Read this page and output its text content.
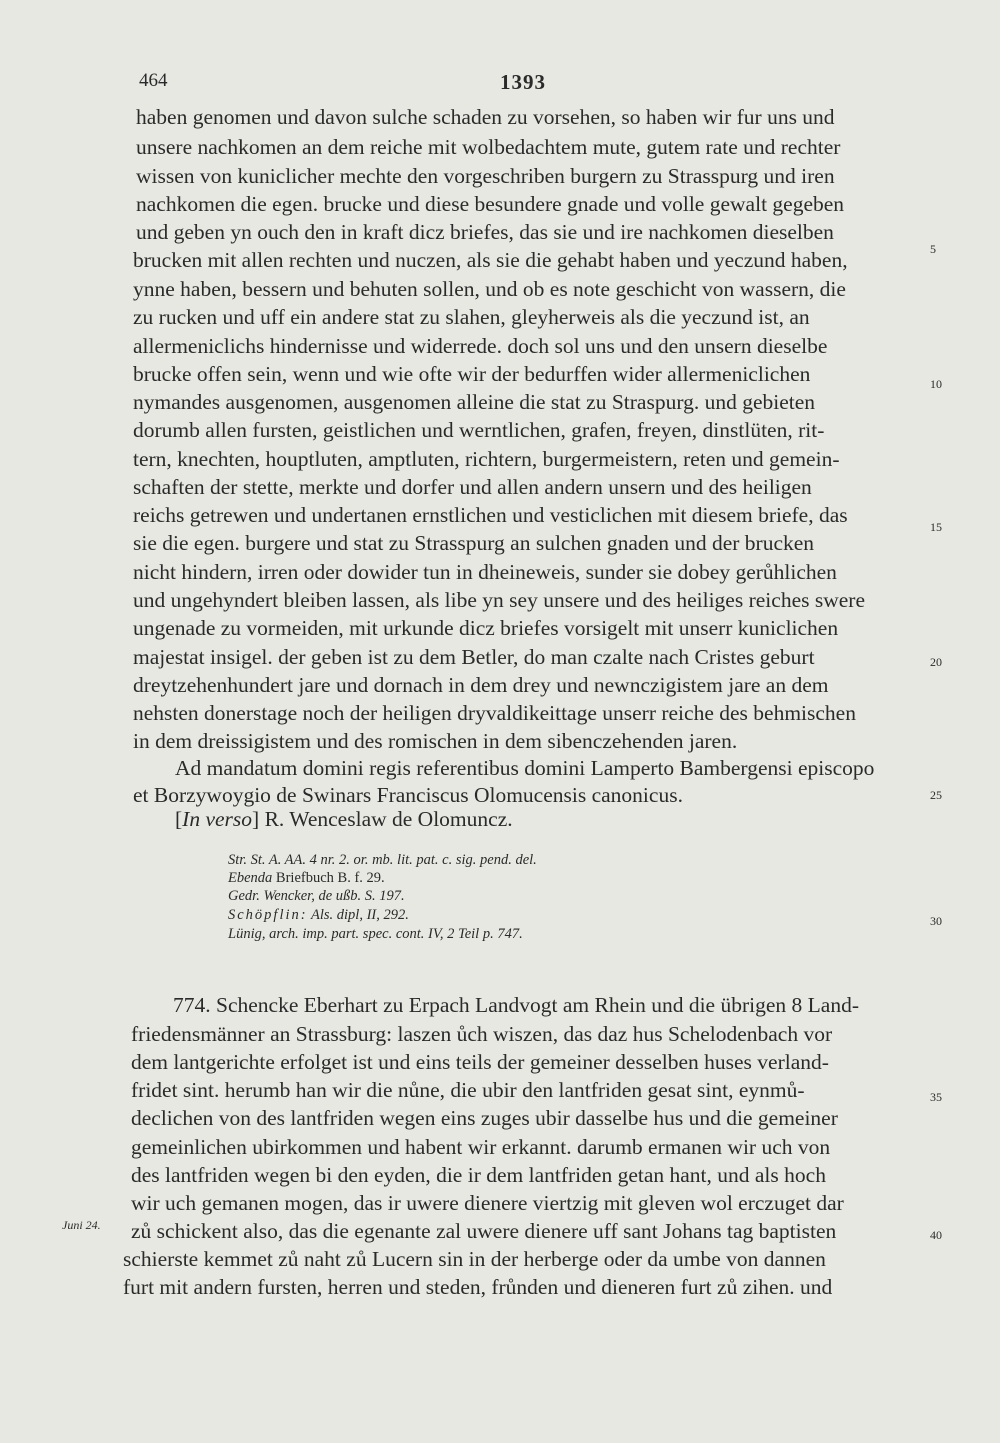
464	1393
haben genomen und davon sulche schaden zu vorsehen, so haben wir fur uns und
unsere nachkomen an dem reiche mit wolbedachtem mute, gutem rate und rechter
wissen von kuniclicher mechte den vorgeschriben burgern zu Strasspurg und iren
nachkomen die egen. brucke und diese besundere gnade und volle gewalt gegeben
und geben yn ouch den in kraft dicz briefes, das sie und ire nachkomen dieselben
brucken mit allen rechten und nuczen, als sie die gehabt haben und yeczund haben,
ynne haben, bessern und behuten sollen, und ob es note geschicht von wassern, die
zu rucken und uff ein andere stat zu slahen, gleyherweis als die yeczund ist, an
allermeniclichs hindernisse und widerrede. doch sol uns und den unsern dieselbe
brucke offen sein, wenn und wie ofte wir der bedurffen wider allermeniclichen
nymandes ausgenomen, ausgenomen alleine die stat zu Straspurg. und gebieten
dorumb allen fursten, geistlichen und werntlichen, grafen, freyen, dinstlüten, rit-
tern, knechten, houptluten, amptluten, richtern, burgermeistern, reten und gemein-
schaften der stette, merkte und dorfer und allen andern unsern und des heiligen
reichs getrewen und undertanen ernstlichen und vesticlichen mit diesem briefe, das
sie die egen. burgere und stat zu Strasspurg an sulchen gnaden und der brucken
nicht hindern, irren oder dowider tun in dheineweis, sunder sie dobey gerůhlichen
und ungehyndert bleiben lassen, als libe yn sey unsere und des heiliges reiches swere
ungenade zu vormeiden, mit urkunde dicz briefes vorsigelt mit unserr kuniclichen
majestat insigel. der geben ist zu dem Betler, do man czalte nach Cristes geburt
dreytzehenhundert jare und dornach in dem drey und newnczigistem jare an dem
nehsten donerstage noch der heiligen dryvaldikeittage unserr reiche des behmischen
in dem dreissigistem und des romischen in dem sibenczehenden jaren.
Ad mandatum domini regis referentibus domini Lamperto Bambergensi episcopo
et Borzywoygio de Swinars Franciscus Olomucensis canonicus.
[In verso] R. Wenceslaw de Olomuncz.
Str. St. A. AA. 4 nr. 2. or. mb. lit. pat. c. sig. pend. del.
Ebenda Briefbuch B. f. 29.
Gedr. Wencker, de ußb. S. 197.
Schöpflin: Als. dipl, II, 292.
Lünig, arch. imp. part. spec. cont. IV, 2 Teil p. 747.
774. Schencke Eberhart zu Erpach Landvogt am Rhein und die übrigen 8 Land-
friedensmänner an Strassburg: laszen ůch wiszen, das daz hus Schelodenbach vor
dem lantgerichte erfolget ist und eins teils der gemeiner desselben huses verland-
fridet sint. herumb han wir die nůne, die ubir den lantfriden gesat sint, eynmů-
declichen von des lantfriden wegen eins zuges ubir dasselbe hus und die gemeiner
gemeinlichen ubirkommen und habent wir erkannt. darumb ermanen wir uch von
des lantfriden wegen bi den eyden, die ir dem lantfriden getan hant, und als hoch
wir uch gemanen mogen, das ir uwere dienere viertzig mit gleven wol erczuget dar
zů schickent also, das die egenante zal uwere dienere uff sant Johans tag baptisten
schierste kemmet zů naht zů Lucern sin in der herberge oder da umbe von dannen
furt mit andern fursten, herren und steden, frůnden und dieneren furt zů zihen. und
Juni 24.
5
10
15
20
25
30
35
40
